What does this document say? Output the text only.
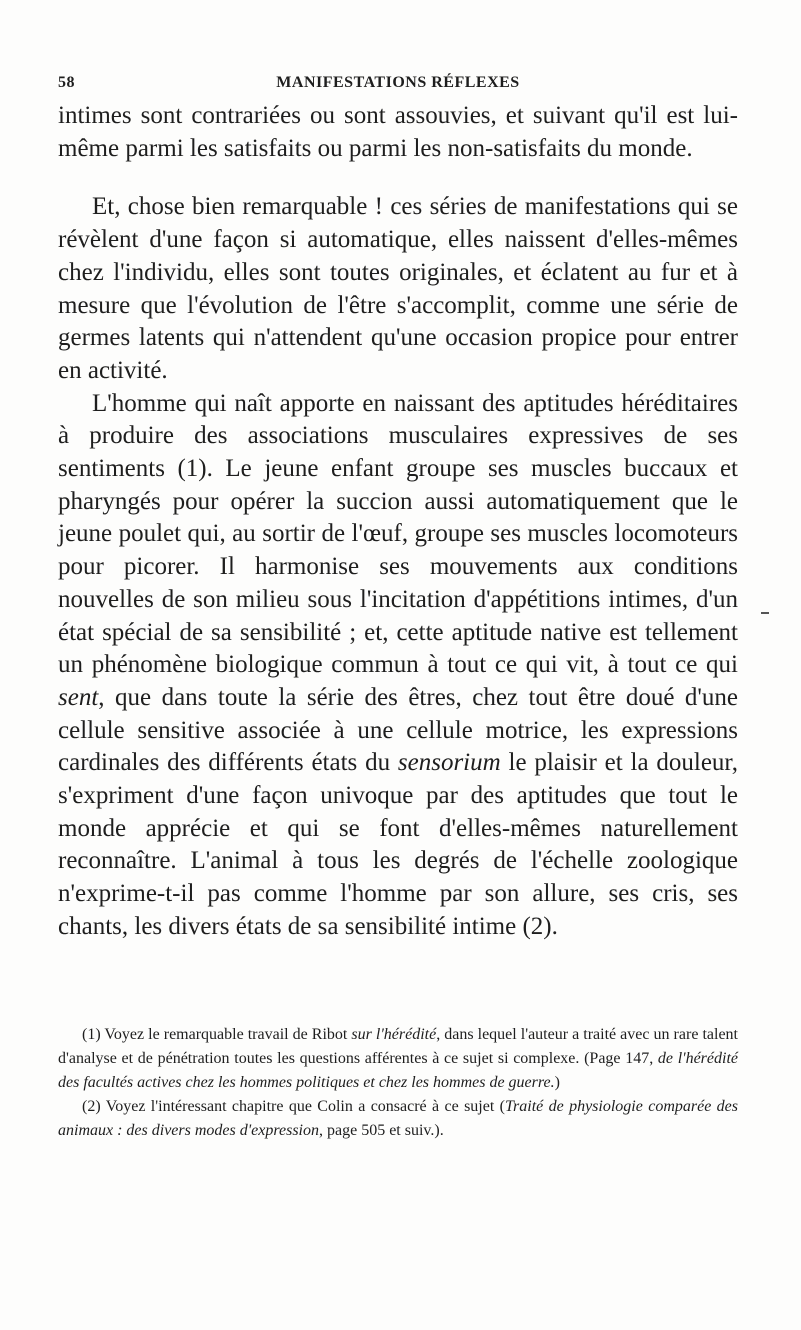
58	MANIFESTATIONS RÉFLEXES

intimes sont contrariées ou sont assouvies, et suivant qu'il est lui-même parmi les satisfaits ou parmi les non-satisfaits du monde.

Et, chose bien remarquable ! ces séries de manifestations qui se révèlent d'une façon si automatique, elles naissent d'elles-mêmes chez l'individu, elles sont toutes originales, et éclatent au fur et à mesure que l'évolution de l'être s'accomplit, comme une série de germes latents qui n'attendent qu'une occasion propice pour entrer en activité.

L'homme qui naît apporte en naissant des aptitudes héréditaires à produire des associations musculaires expressives de ses sentiments (1). Le jeune enfant groupe ses muscles buccaux et pharyngés pour opérer la succion aussi automatiquement que le jeune poulet qui, au sortir de l'œuf, groupe ses muscles locomoteurs pour picorer. Il harmonise ses mouvements aux conditions nouvelles de son milieu sous l'incitation d'appétitions intimes, d'un état spécial de sa sensibilité ; et, cette aptitude native est tellement un phénomène biologique commun à tout ce qui vit, à tout ce qui sent, que dans toute la série des êtres, chez tout être doué d'une cellule sensitive associée à une cellule motrice, les expressions cardinales des différents états du sensorium le plaisir et la douleur, s'expriment d'une façon univoque par des aptitudes que tout le monde apprécie et qui se font d'elles-mêmes naturellement reconnaître. L'animal à tous les degrés de l'échelle zoologique n'exprime-t-il pas comme l'homme par son allure, ses cris, ses chants, les divers états de sa sensibilité intime (2).

(1) Voyez le remarquable travail de Ribot sur l'hérédité, dans lequel l'auteur a traité avec un rare talent d'analyse et de pénétration toutes les questions afférentes à ce sujet si complexe. (Page 147, de l'hérédité des facultés actives chez les hommes politiques et chez les hommes de guerre.)

(2) Voyez l'intéressant chapitre que Colin a consacré à ce sujet (Traité de physiologie comparée des animaux : des divers modes d'expression, page 505 et suiv.).
